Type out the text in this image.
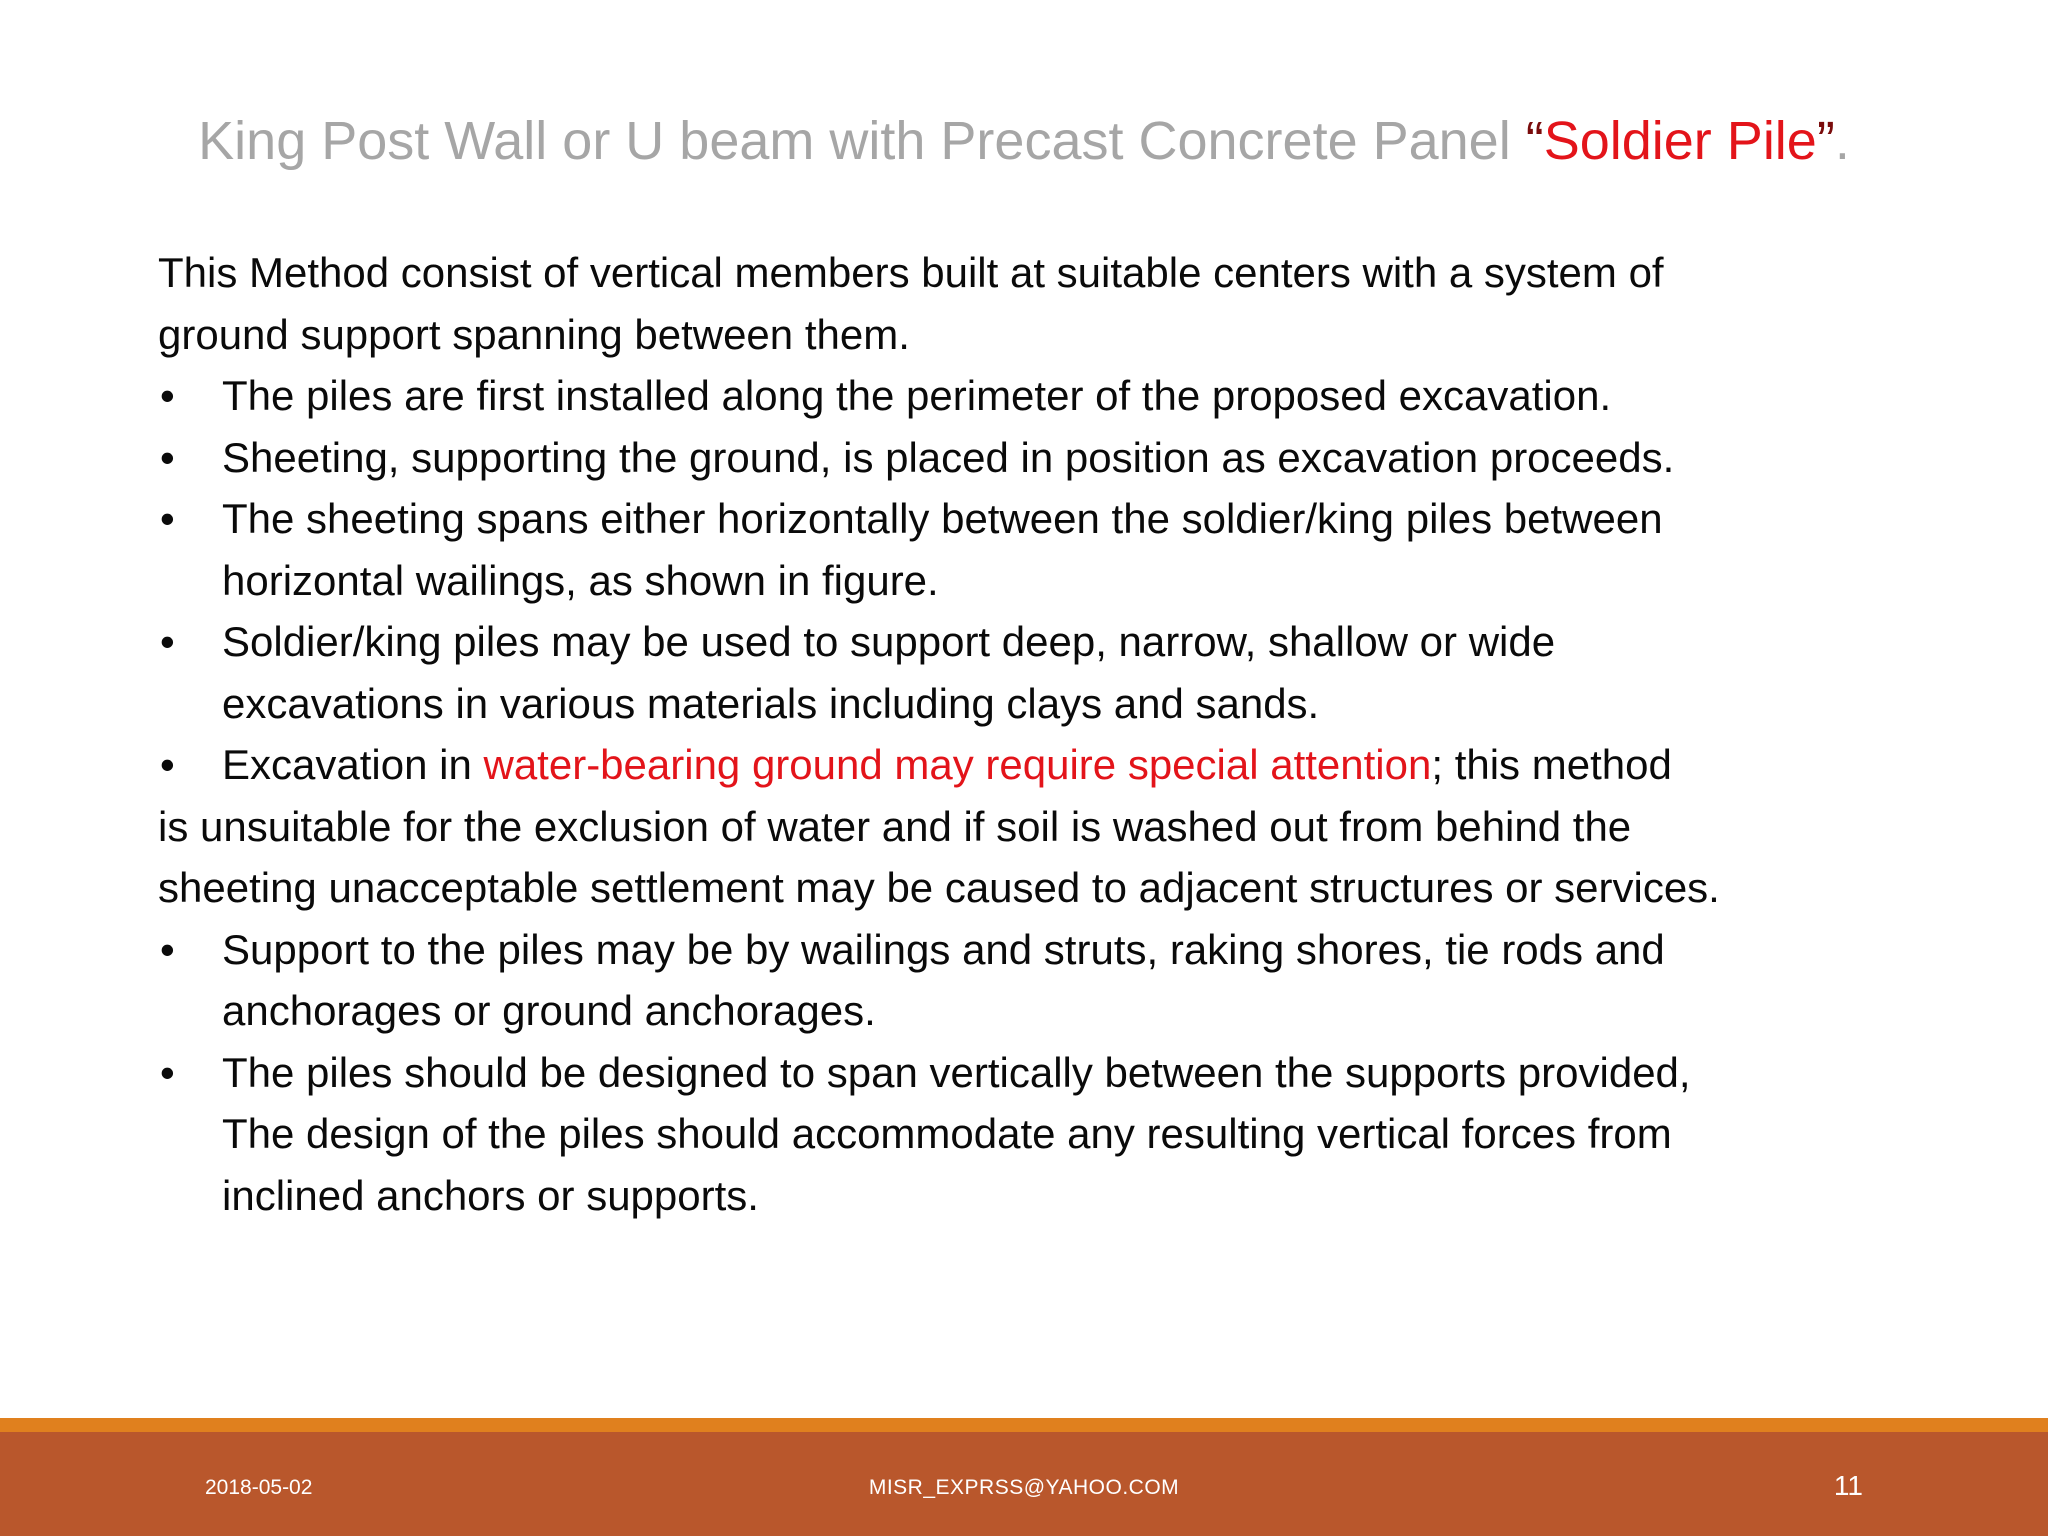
King Post Wall or U beam with Precast Concrete Panel “Soldier Pile”.

This Method consist of vertical members built at suitable centers with a system of

ground support spanning between them.

• The piles are first installed along the perimeter of the proposed excavation.
• Sheeting, supporting the ground, is placed in position as excavation proceeds.
• The sheeting spans either horizontally between the soldier/king piles between
horizontal wailings, as shown in figure.
• Soldier/king piles may be used to support deep, narrow, shallow or wide
excavations in various materials including clays and sands.
• Excavation in water-bearing ground may require special attention; this method

is unsuitable for the exclusion of water and if soil is washed out from behind the

sheeting unacceptable settlement may be caused to adjacent structures or services.

• Support to the piles may be by wailings and struts, raking shores, tie rods and
anchorages or ground anchorages.
• The piles should be designed to span vertically between the supports provided,
The design of the piles should accommodate any resulting vertical forces from
inclined anchors or supports.
2018-05-02	MISR_EXPRSS@YAHOO.COM	11
